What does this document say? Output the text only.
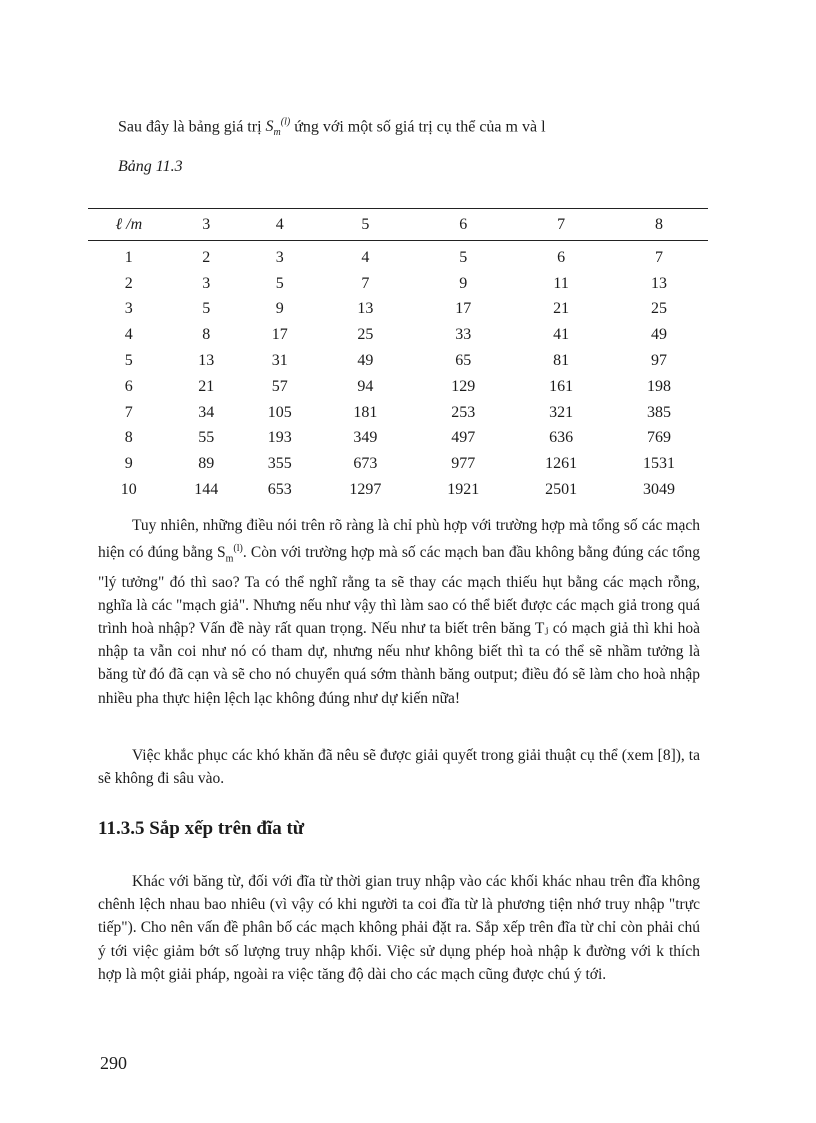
Sau đây là bảng giá trị $S_m^{(l)}$ ứng với một số giá trị cụ thể của m và l
Bảng 11.3
ℓ /m	3	4	5	6	7	8
1	2	3	4	5	6	7
2	3	5	7	9	11	13
3	5	9	13	17	21	25
4	8	17	25	33	41	49
5	13	31	49	65	81	97
6	21	57	94	129	161	198
7	34	105	181	253	321	385
8	55	193	349	497	636	769
9	89	355	673	977	1261	1531
10	144	653	1297	1921	2501	3049

Tuy nhiên, những điều nói trên rõ ràng là chỉ phù hợp với trường hợp mà tổng số các mạch hiện có đúng bằng $S_m^{(l)}$. Còn với trường hợp mà số các mạch ban đầu không bằng đúng các tổng "lý tưởng" đó thì sao? Ta có thể nghĩ rằng ta sẽ thay các mạch thiếu hụt bằng các mạch rỗng, nghĩa là các "mạch giả". Nhưng nếu như vậy thì làm sao có thể biết được các mạch giả trong quá trình hoà nhập? Vấn đề này rất quan trọng. Nếu như ta biết trên băng Tⱼ có mạch giả thì khi hoà nhập ta vẫn coi như nó có tham dự, nhưng nếu như không biết thì ta có thể sẽ nhầm tưởng là băng từ đó đã cạn và sẽ cho nó chuyển quá sớm thành băng output; điều đó sẽ làm cho hoà nhập nhiều pha thực hiện lệch lạc không đúng như dự kiến nữa!

Việc khắc phục các khó khăn đã nêu sẽ được giải quyết trong giải thuật cụ thể (xem [8]), ta sẽ không đi sâu vào.

11.3.5 Sắp xếp trên đĩa từ

Khác với băng từ, đối với đĩa từ thời gian truy nhập vào các khối khác nhau trên đĩa không chênh lệch nhau bao nhiêu (vì vậy có khi người ta coi đĩa từ là phương tiện nhớ truy nhập "trực tiếp"). Cho nên vấn đề phân bố các mạch không phải đặt ra. Sắp xếp trên đĩa từ chỉ còn phải chú ý tới việc giảm bớt số lượng truy nhập khối. Việc sử dụng phép hoà nhập k đường với k thích hợp là một giải pháp, ngoài ra việc tăng độ dài cho các mạch cũng được chú ý tới.

290
